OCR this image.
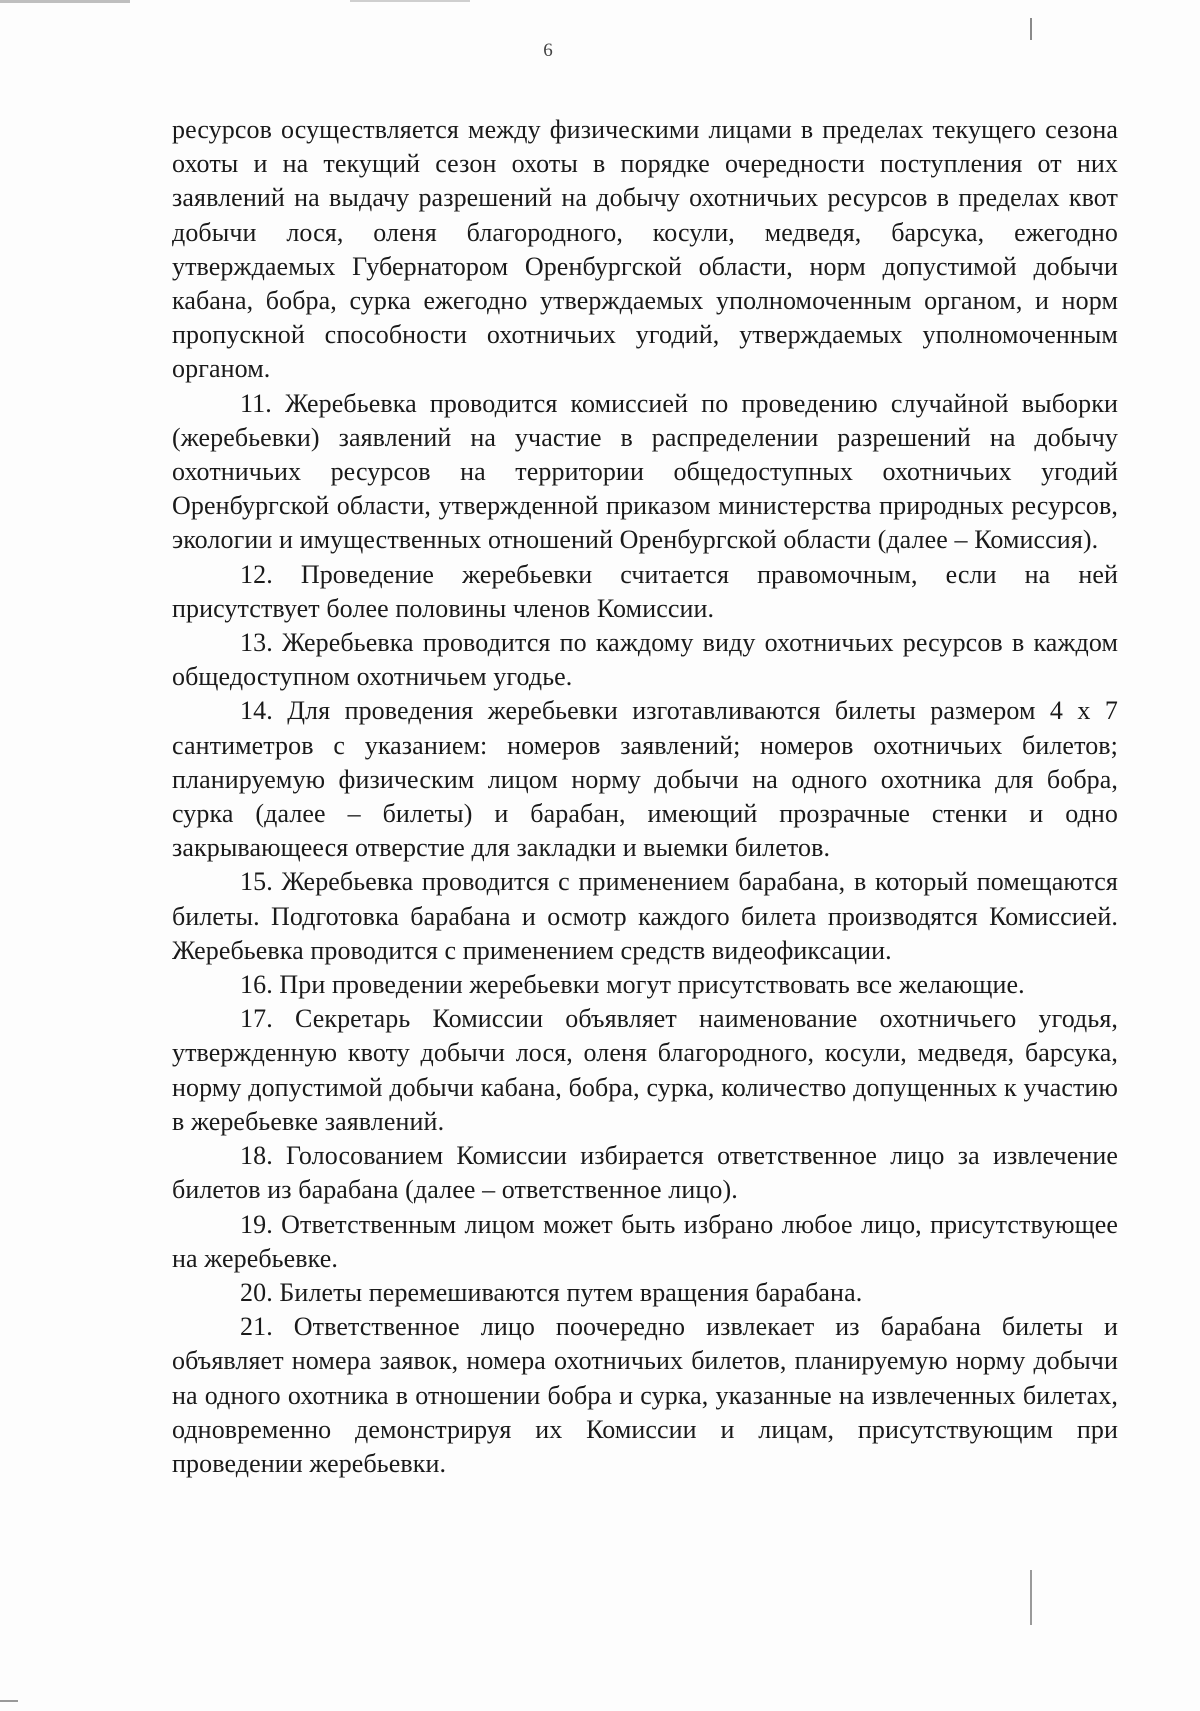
6

ресурсов осуществляется между физическими лицами в пределах текущего сезона охоты и на текущий сезон охоты в порядке очередности поступления от них заявлений на выдачу разрешений на добычу охотничьих ресурсов в пределах квот добычи лося, оленя благородного, косули, медведя, барсука, ежегодно утверждаемых Губернатором Оренбургской области, норм допустимой добычи кабана, бобра, сурка ежегодно утверждаемых уполномоченным органом, и норм пропускной способности охотничьих угодий, утверждаемых уполномоченным органом.

11. Жеребьевка проводится комиссией по проведению случайной выборки (жеребьевки) заявлений на участие в распределении разрешений на добычу охотничьих ресурсов на территории общедоступных охотничьих угодий Оренбургской области, утвержденной приказом министерства природных ресурсов, экологии и имущественных отношений Оренбургской области (далее – Комиссия).

12. Проведение жеребьевки считается правомочным, если на ней присутствует более половины членов Комиссии.

13. Жеребьевка проводится по каждому виду охотничьих ресурсов в каждом общедоступном охотничьем угодье.

14. Для проведения жеребьевки изготавливаются билеты размером 4 х 7 сантиметров с указанием: номеров заявлений; номеров охотничьих билетов; планируемую физическим лицом норму добычи на одного охотника для бобра, сурка (далее – билеты) и барабан, имеющий прозрачные стенки и одно закрывающееся отверстие для закладки и выемки билетов.

15. Жеребьевка проводится с применением барабана, в который помещаются билеты. Подготовка барабана и осмотр каждого билета производятся Комиссией. Жеребьевка проводится с применением средств видеофиксации.

16. При проведении жеребьевки могут присутствовать все желающие.

17. Секретарь Комиссии объявляет наименование охотничьего угодья, утвержденную квоту добычи лося, оленя благородного, косули, медведя, барсука, норму допустимой добычи кабана, бобра, сурка, количество допущенных к участию в жеребьевке заявлений.

18. Голосованием Комиссии избирается ответственное лицо за извлечение билетов из барабана (далее – ответственное лицо).

19. Ответственным лицом может быть избрано любое лицо, присутствующее на жеребьевке.

20. Билеты перемешиваются путем вращения барабана.

21. Ответственное лицо поочередно извлекает из барабана билеты и объявляет номера заявок, номера охотничьих билетов, планируемую норму добычи на одного охотника в отношении бобра и сурка, указанные на извлеченных билетах, одновременно демонстрируя их Комиссии и лицам, присутствующим при проведении жеребьевки.
